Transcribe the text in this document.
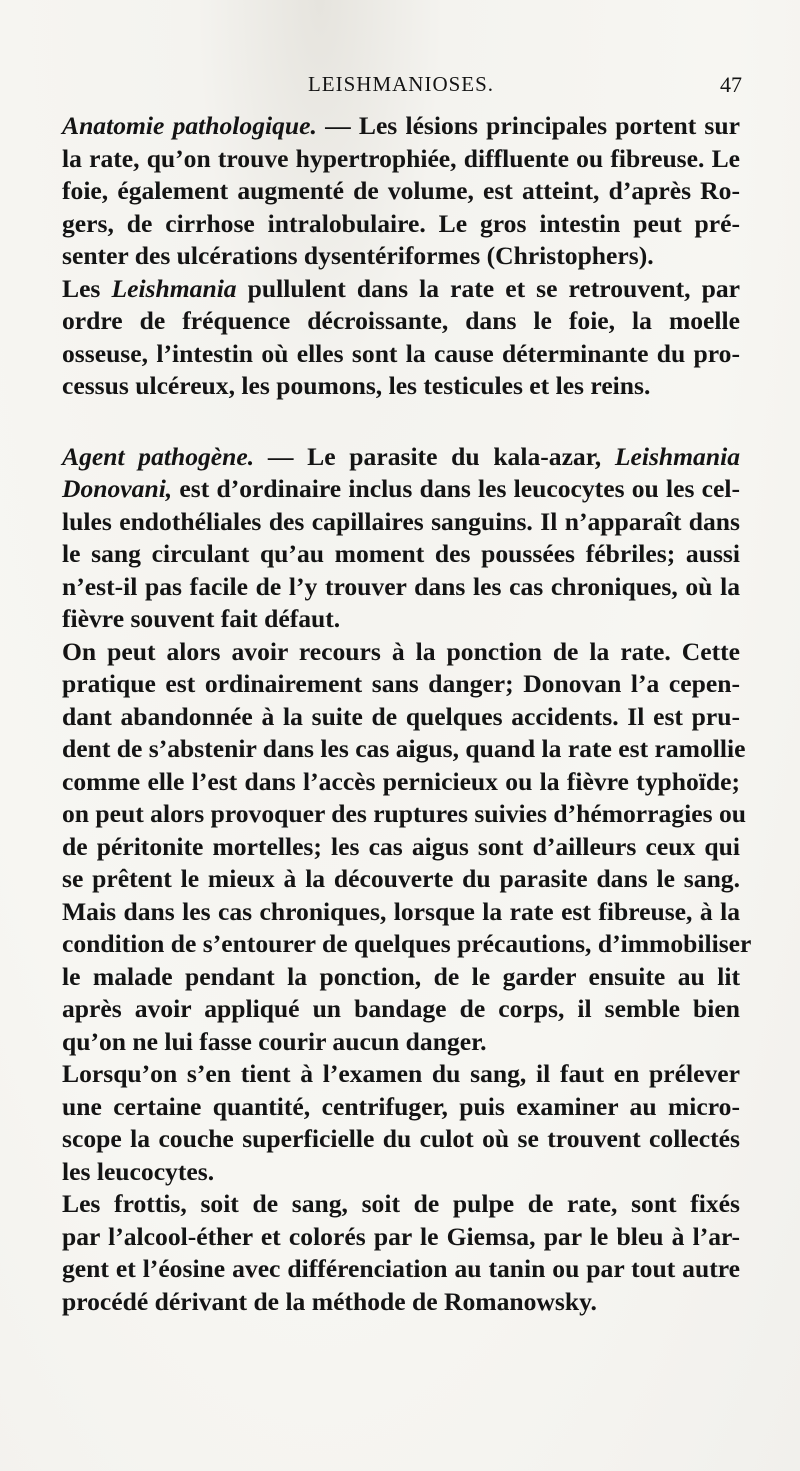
LEISHMANIOSES.	47
Anatomie pathologique. — Les lésions principales portent sur
la rate, qu’on trouve hypertrophiée, diffluente ou fibreuse. Le
foie, également augmenté de volume, est atteint, d’après Ro-
gers, de cirrhose intralobulaire. Le gros intestin peut pré-
senter des ulcérations dysentériformes (Christophers).
Les Leishmania pullulent dans la rate et se retrouvent, par
ordre de fréquence décroissante, dans le foie, la moelle
osseuse, l’intestin où elles sont la cause déterminante du pro-
cessus ulcéreux, les poumons, les testicules et les reins.
Agent pathogène. — Le parasite du kala-azar, Leishmania
Donovani, est d’ordinaire inclus dans les leucocytes ou les cel-
lules endothéliales des capillaires sanguins. Il n’apparaît dans
le sang circulant qu’au moment des poussées fébriles; aussi
n’est-il pas facile de l’y trouver dans les cas chroniques, où la
fièvre souvent fait défaut.
On peut alors avoir recours à la ponction de la rate. Cette
pratique est ordinairement sans danger; Donovan l’a cepen-
dant abandonnée à la suite de quelques accidents. Il est pru-
dent de s’abstenir dans les cas aigus, quand la rate est ramollie
comme elle l’est dans l’accès pernicieux ou la fièvre typhoïde;
on peut alors provoquer des ruptures suivies d’hémorragies ou
de péritonite mortelles; les cas aigus sont d’ailleurs ceux qui
se prêtent le mieux à la découverte du parasite dans le sang.
Mais dans les cas chroniques, lorsque la rate est fibreuse, à la
condition de s’entourer de quelques précautions, d’immobiliser
le malade pendant la ponction, de le garder ensuite au lit
après avoir appliqué un bandage de corps, il semble bien
qu’on ne lui fasse courir aucun danger.
Lorsqu’on s’en tient à l’examen du sang, il faut en prélever
une certaine quantité, centrifuger, puis examiner au micro-
scope la couche superficielle du culot où se trouvent collectés
les leucocytes.
Les frottis, soit de sang, soit de pulpe de rate, sont fixés
par l’alcool-éther et colorés par le Giemsa, par le bleu à l’ar-
gent et l’éosine avec différenciation au tanin ou par tout autre
procédé dérivant de la méthode de Romanowsky.
